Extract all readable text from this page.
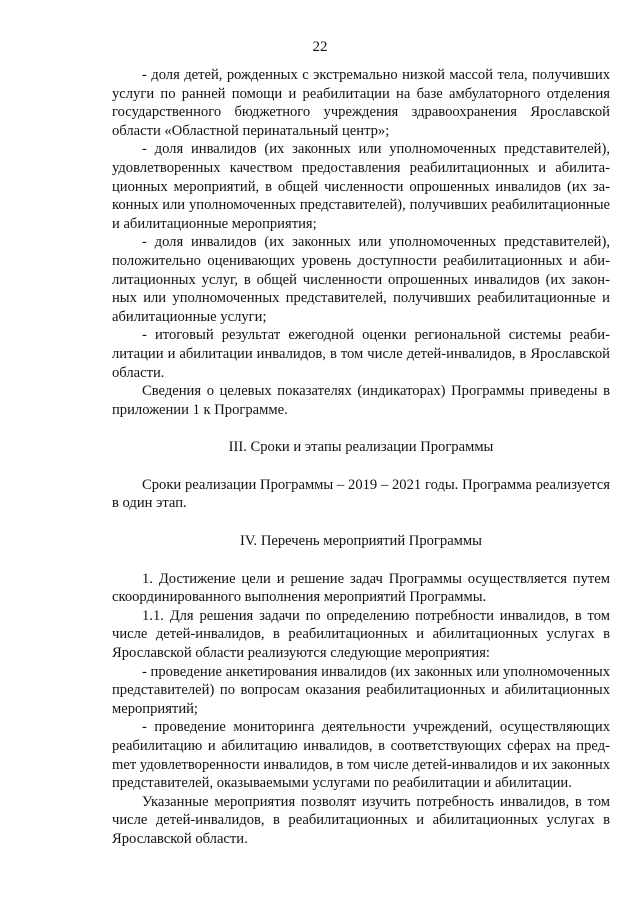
22

- доля детей, рожденных с экстремально низкой массой тела, получивших услуги по ранней помощи и реабилитации на базе амбулаторного отделения государственного бюджетного учреждения здравоохранения Ярославской области «Областной перинатальный центр»;

- доля инвалидов (их законных или уполномоченных представителей), удовлетворенных качеством предоставления реабилитационных и абилитационных мероприятий, в общей численности опрошенных инвалидов (их законных или уполномоченных представителей), получивших реабилитационные и абилитационные мероприятия;

- доля инвалидов (их законных или уполномоченных представителей), положительно оценивающих уровень доступности реабилитационных и абилитационных услуг, в общей численности опрошенных инвалидов (их законных или уполномоченных представителей, получивших реабилитационные и абилитационные услуги;

- итоговый результат ежегодной оценки региональной системы реабилитации и абилитации инвалидов, в том числе детей-инвалидов, в Ярославской области.

Сведения о целевых показателях (индикаторах) Программы приведены в приложении 1 к Программе.

III. Сроки и этапы реализации Программы

Сроки реализации Программы – 2019 – 2021 годы. Программа реализуется в один этап.

IV. Перечень мероприятий Программы

1. Достижение цели и решение задач Программы осуществляется путем скоординированного выполнения мероприятий Программы.

1.1. Для решения задачи по определению потребности инвалидов, в том числе детей-инвалидов, в реабилитационных и абилитационных услугах в Ярославской области реализуются следующие мероприятия:

- проведение анкетирования инвалидов (их законных или уполномоченных представителей) по вопросам оказания реабилитационных и абилитационных мероприятий;

- проведение мониторинга деятельности учреждений, осуществляющих реабилитацию и абилитацию инвалидов, в соответствующих сферах на предmет удовлетворенности инвалидов, в том числе детей-инвалидов и их законных представителей, оказываемыми услугами по реабилитации и абилитации.

Указанные мероприятия позволят изучить потребность инвалидов, в том числе детей-инвалидов, в реабилитационных и абилитационных услугах в Ярославской области.
